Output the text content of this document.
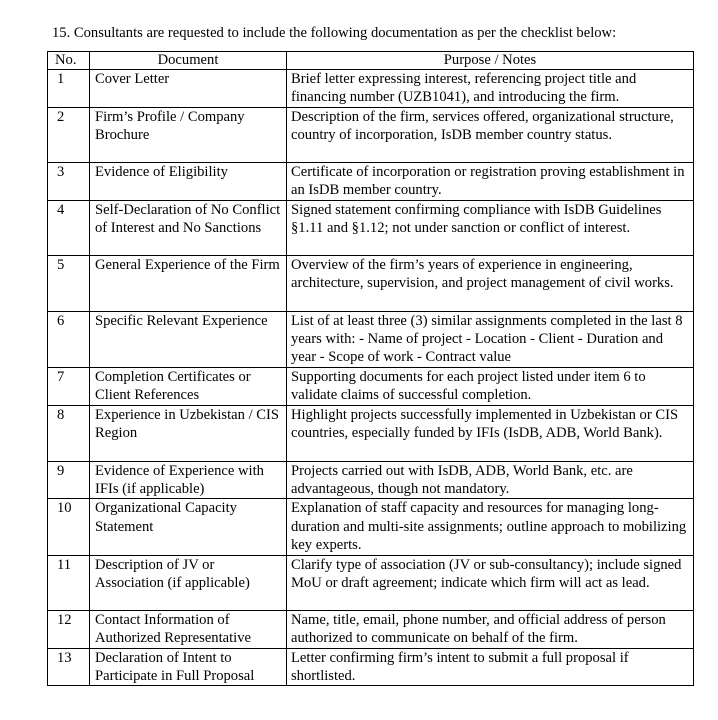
15. Consultants are requested to include the following documentation as per the checklist below:
No.	Document	Purpose / Notes
1	Cover Letter	Brief letter expressing interest, referencing project title and financing number (UZB1041), and introducing the firm.
2	Firm’s Profile / Company Brochure	Description of the firm, services offered, organizational structure, country of incorporation, IsDB member country status.
3	Evidence of Eligibility	Certificate of incorporation or registration proving establishment in an IsDB member country.
4	Self-Declaration of No Conflict of Interest and No Sanctions	Signed statement confirming compliance with IsDB Guidelines §1.11 and §1.12; not under sanction or conflict of interest.
5	General Experience of the Firm	Overview of the firm’s years of experience in engineering, architecture, supervision, and project management of civil works.
6	Specific Relevant Experience	List of at least three (3) similar assignments completed in the last 8 years with: - Name of project - Location - Client - Duration and year - Scope of work - Contract value
7	Completion Certificates or Client References	Supporting documents for each project listed under item 6 to validate claims of successful completion.
8	Experience in Uzbekistan / CIS Region	Highlight projects successfully implemented in Uzbekistan or CIS countries, especially funded by IFIs (IsDB, ADB, World Bank).
9	Evidence of Experience with IFIs (if applicable)	Projects carried out with IsDB, ADB, World Bank, etc. are advantageous, though not mandatory.
10	Organizational Capacity Statement	Explanation of staff capacity and resources for managing long-duration and multi-site assignments; outline approach to mobilizing key experts.
11	Description of JV or Association (if applicable)	Clarify type of association (JV or sub-consultancy); include signed MoU or draft agreement; indicate which firm will act as lead.
12	Contact Information of Authorized Representative	Name, title, email, phone number, and official address of person authorized to communicate on behalf of the firm.
13	Declaration of Intent to Participate in Full Proposal	Letter confirming firm’s intent to submit a full proposal if shortlisted.
